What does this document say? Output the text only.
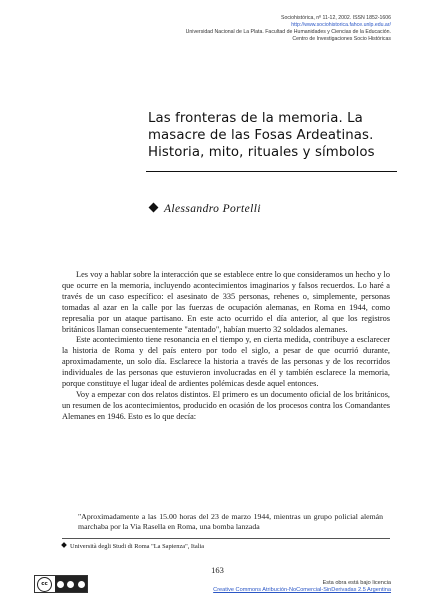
Sociohistórica, nº 11-12, 2002. ISSN 1852-1606
http://www.sociohistorica.fahce.unlp.edu.ar/
Universidad Nacional de La Plata. Facultad de Humanidades y Ciencias de la Educación.
Centro de Investigaciones Socio Históricas
Las fronteras de la memoria. La
masacre de las Fosas Ardeatinas.
Historia, mito, rituales y símbolos
Alessandro Portelli

Les voy a hablar sobre la interacción que se establece entre lo que consideramos un hecho y lo que ocurre en la memoria, incluyendo acontecimientos imaginarios y falsos recuerdos. Lo haré a través de un caso específico: el asesinato de 335 personas, rehenes o, simplemente, personas tomadas al azar en la calle por las fuerzas de ocupación alemanas, en Roma en 1944, como represalia por un ataque partisano. En este acto ocurrido el día anterior, al que los registros británicos llaman consecuentemente "atentado", habían muerto 32 soldados alemanes.

Este acontecimiento tiene resonancia en el tiempo y, en cierta medida, contribuye a esclarecer la historia de Roma y del país entero por todo el siglo, a pesar de que ocurrió durante, aproximadamente, un solo día. Esclarece la historia a través de las personas y de los recorridos individuales de las personas que estuvieron involucradas en él y también esclarece la memoria, porque constituye el lugar ideal de ardientes polémicas desde aquel entonces.

Voy a empezar con dos relatos distintos. El primero es un documento oficial de los británicos, un resumen de los acontecimientos, producido en ocasión de los procesos contra los Comandantes Alemanes en 1946. Esto es lo que decía:

"Aproximadamente a las 15.00 horas del 23 de marzo 1944, mientras un grupo policial alemán marchaba por la Via Rasella en Roma, una bomba lanzada

Università degli Studi di Roma "La Sapienza", Italia
163
cc	Esta obra está bajo licencia
Creative Commons Atribución-NoComercial-SinDerivadas 2.5 Argentina
